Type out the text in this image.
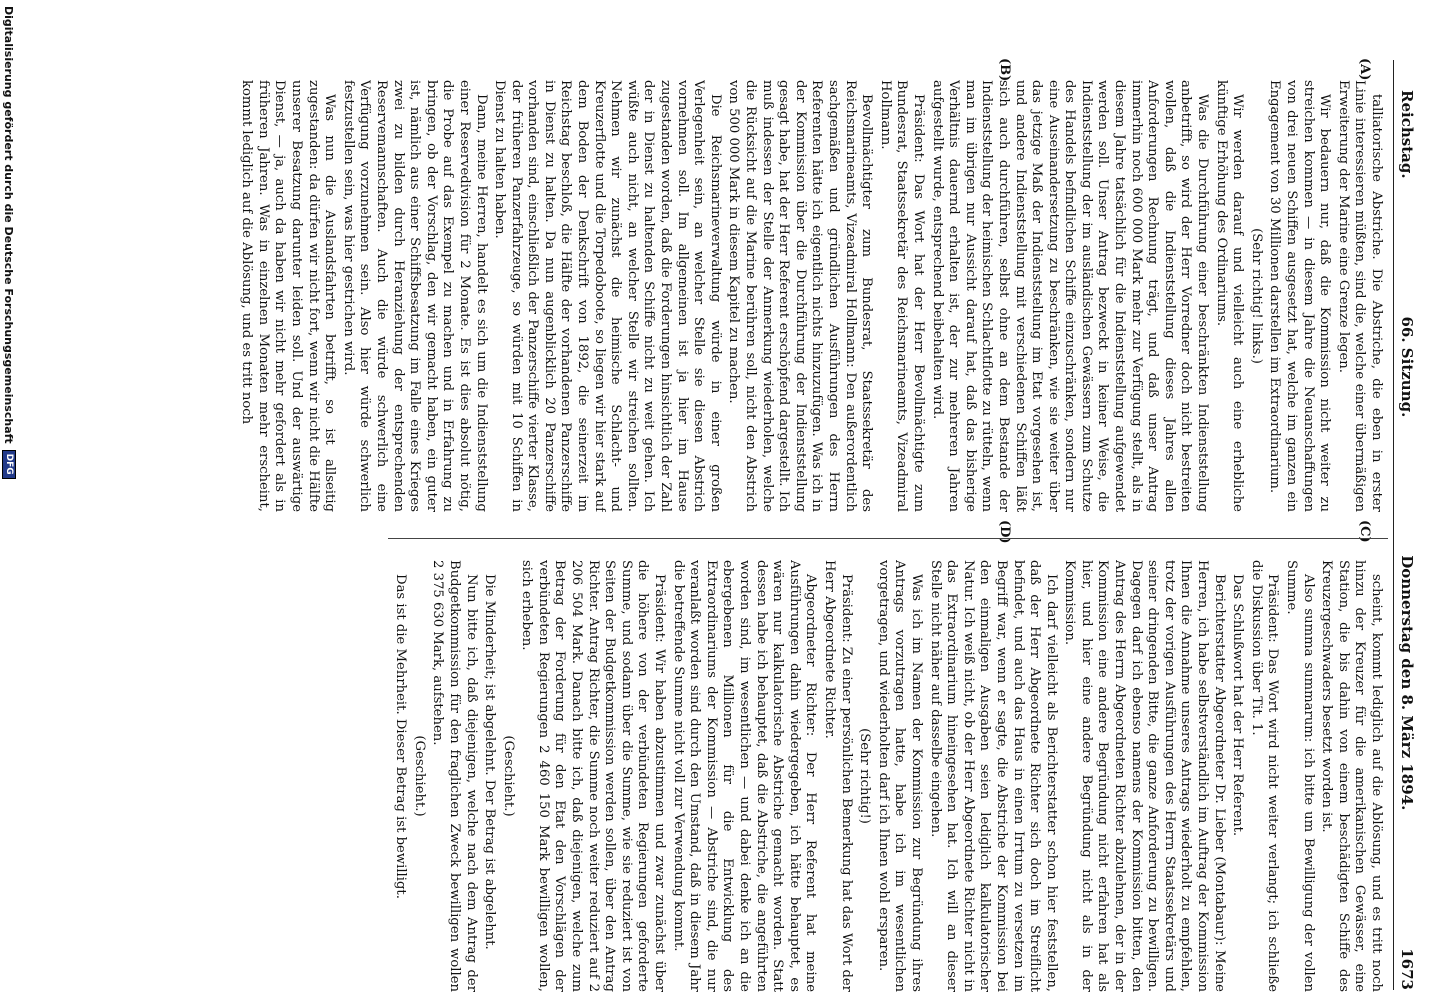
Reichstag.
66. Sitzung.
Donnerstag den 8. März 1894.
1673
(A)
(B)
(C)
(D)

talliatorische Abstriche. Die Abstriche, die eben in erster Linie interessieren müßten, sind die, welche einer übermäßigen Erweiterung der Marine eine Grenze legen.

Wir bedauern nur, daß die Kommission nicht weiter zu streichen kommen — in diesem Jahre die Neuanschaffungen von drei neuen Schiffen ausgesetzt hat, welche im ganzen ein Engagement von 30 Millionen darstellen im Extraordinarium.

(Sehr richtig! links.)

Wir werden darauf und vielleicht auch eine erhebliche künftige Erhöhung des Ordinariums.

Was die Durchführung einer beschränkten Indienststellung anbetrifft, so wird der Herr Vorredner doch nicht bestreiten wollen, daß die Indienststellung dieses Jahres allen Anforderungen Rechnung trägt, und daß unser Antrag immerhin noch 600 000 Mark mehr zur Verfügung stellt, als in diesem Jahre tatsächlich für die Indienststellung aufgewendet werden soll. Unser Antrag bezweckt in keiner Weise, die Indienststellung der im ausländischen Gewässern zum Schutze des Handels befindlichen Schiffe einzuschränken, sondern nur eine Auseinandersetzung zu beschränken, wie sie weiter über das jetzige Maß der Indienststellung im Etat vorgesehen ist, und andere Indienststellung mit verschiedenen Schiffen läßt sich auch durchführen, selbst ohne an dem Bestande der Indienststellung der heimischen Schlachtflotte zu rütteln, wenn man im übrigen nur Aussicht darauf hat, daß das bisherige Verhältnis dauernd erhalten ist, der zur mehreren Jahren aufgestellt wurde, entsprechend beibehalten wird.

Präsident: Das Wort hat der Herr Bevollmächtigte zum Bundesrat, Staatssekretär des Reichsmarineamts, Vizeadmiral Hollmann.

Bevollmächtigter zum Bundesrat, Staatssekretär des Reichsmarineamts, Vizeadmiral Hollmann: Den außerordentlich sachgemäßen und gründlichen Ausführungen des Herrn Referenten hätte ich eigentlich nichts hinzuzufügen. Was ich in der Kommission über die Durchführung der Indienststellung gesagt habe, hat der Herr Referent erschöpfend dargestellt. Ich muß indessen der Stelle der Anmerkung wiederholen, welche die Rücksicht auf die Marine berühren soll, nicht den Abstrich von 500 000 Mark in diesem Kapitel zu machen.

Die Reichsmarineverwaltung würde in einer großen Verlegenheit sein, an welcher Stelle sie diesen Abstrich vornehmen soll. Im allgemeinen ist ja hier im Hause zugestanden worden, daß die Forderungen hinsichtlich der Zahl der in Dienst zu haltenden Schiffe nicht zu weit gehen. Ich wüßte auch nicht, an welcher Stelle wir streichen sollten. Nehmen wir zunächst die heimische Schlacht- und Kreuzerflotte und die Torpedoboote, so liegen wir hier stark auf dem Boden der Denkschrift von 1892, die seinerzeit im Reichstag beschloß, die Hälfte der vorhandenen Panzerschiffe in Dienst zu halten. Da nun augenblicklich 20 Panzerschiffe vorhanden sind, einschließlich der Panzerschiffe vierter Klasse, der früheren Panzerfahrzeuge, so würden mit 10 Schiffen in Dienst zu halten haben.

Dann, meine Herren, handelt es sich um die Indienststellung einer Reservedivision für 2 Monate. Es ist dies absolut nötig, die Probe auf das Exempel zu machen und in Erfahrung zu bringen, ob der Vorschlag, den wir gemacht haben, ein guter ist, nämlich aus einer Schiffsbesatzung im Falle eines Krieges zwei zu bilden durch Heranziehung der entsprechenden Reservemannschaften. Auch die würde schwerlich eine Verfügung vorzunehmen sein. Also hier würde schwerlich festzustellen sein, was hier gestrichen wird.

Was nun die Auslandsfahrten betrifft, so ist allseitig zugestanden: da dürfen wir nicht fort, wenn wir nicht die Hälfte unserer Besatzung darunter leiden soll. Und der auswärtige Dienst, — ja, auch da haben wir nicht mehr gefordert als in früheren Jahren. Was in einzelnen Monaten mehr erscheint, kommt lediglich auf die Ablösung, und es tritt noch

scheint, kommt lediglich auf die Ablösung, und es tritt noch hinzu der Kreuzer für die amerikanischen Gewässer, eine Station, die bis dahin von einem beschädigten Schiffe des Kreuzergeschwaders besetzt worden ist.

Also summa summarum: ich bitte um Bewilligung der vollen Summe.

Präsident: Das Wort wird nicht weiter verlangt; ich schließe die Diskussion über Tit. 1.

Das Schlußwort hat der Herr Referent.

Berichterstatter Abgeordneter Dr. Lieber (Montabaur): Meine Herren, ich habe selbstverständlich im Auftrag der Kommission Ihnen die Annahme unseres Antrags wiederholt zu empfehlen, trotz der vorigen Ausführungen des Herrn Staatssekretärs und seiner dringenden Bitte, die ganze Anforderung zu bewilligen. Dagegen darf ich ebenso namens der Kommission bitten, den Antrag des Herrn Abgeordneten Richter abzulehnen, der in der Kommission eine andere Begründung nicht erfahren hat als hier, und hier eine andere Begründung nicht als in der Kommission.

Ich darf vielleicht als Berichterstatter schon hier feststellen, daß der Herr Abgeordnete Richter sich doch im Streiflicht befindet, und auch das Haus in einen Irrtum zu versetzen im Begriff war, wenn er sagte, die Abstriche der Kommission bei den einmaligen Ausgaben seien lediglich kalkulatorischer Natur. Ich weiß nicht, ob der Herr Abgeordnete Richter nicht in das Extraordinarium hineingesehen hat. Ich will an dieser Stelle nicht näher auf dasselbe eingehen.

Was ich im Namen der Kommission zur Begründung ihres Antrags vorzutragen hatte, habe ich im wesentlichen vorgetragen, und wiederholten darf ich Ihnen wohl ersparen.

(Sehr richtig!)

Präsident: Zu einer persönlichen Bemerkung hat das Wort der Herr Abgeordnete Richter.

Abgeordneter Richter: Der Herr Referent hat meine Ausführungen dahin wiedergegeben, ich hätte behauptet, es wären nur kalkulatorische Abstriche gemacht worden. Statt dessen habe ich behauptet, daß die Abstriche, die angeführten worden sind, im wesentlichen — und dabei denke ich an die ebergebenen Millionen für die Entwicklung des Extraordinariums der Kommission — Abstriche sind, die nur veranlaßt worden sind durch den Umstand, daß in diesem Jahr die betreffende Summe nicht voll zur Verwendung kommt.

Präsident: Wir haben abzustimmen und zwar zunächst über die höhere von der verbündeten Regierungen geforderte Summe, und sodann über die Summe, wie sie reduziert ist von Seiten der Budgetkommission werden sollen, über den Antrag Richter. Antrag Richter, die Summe noch weiter reduziert auf 2 206 504 Mark. Danach bitte ich, daß diejenigen, welche zum Betrag der Forderung für den Etat den Vorschlägen der verbündeten Regierungen 2 460 150 Mark bewilligen wollen, sich erheben.

(Geschieht.)

Die Minderheit; ist abgelehnt. Der Betrag ist abgelehnt.

Nun bitte ich, daß diejenigen, welche nach dem Antrag der Budgetkommission für den fraglichen Zweck bewilligen wollen 2 375 630 Mark, aufstehen.

(Geschieht.)

Das ist die Mehrheit. Dieser Betrag ist bewilligt.

Digitalisierung gefördert durch die Deutsche Forschungsgemeinschaft
DFG
